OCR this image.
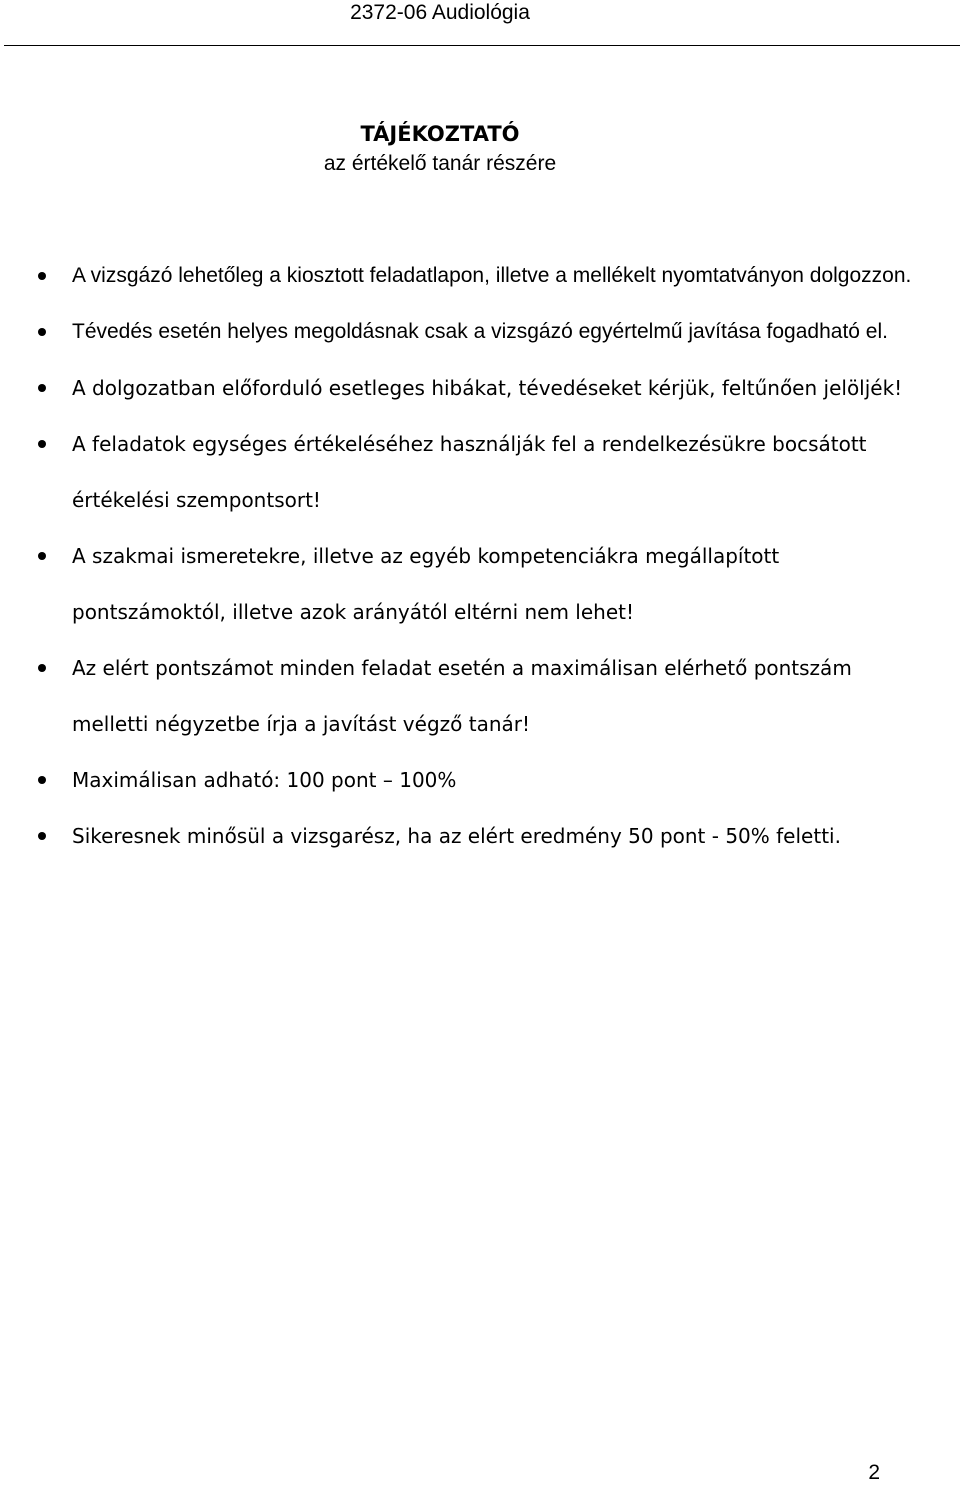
2372-06 Audiológia
TÁJÉKOZTATÓ
az értékelő tanár részére
A vizsgázó lehetőleg a kiosztott feladatlapon, illetve a mellékelt nyomtatványon dolgozzon.
Tévedés esetén helyes megoldásnak csak a vizsgázó egyértelmű javítása fogadható el.
A dolgozatban előforduló esetleges hibákat, tévedéseket kérjük, feltűnően jelöljék!
A feladatok egységes értékeléséhez használják fel a rendelkezésükre bocsátott értékelési szempontsort!
A szakmai ismeretekre, illetve az egyéb kompetenciákra megállapított pontszámoktól, illetve azok arányától eltérni nem lehet!
Az elért pontszámot minden feladat esetén a maximálisan elérhető pontszám melletti négyzetbe írja a javítást végző tanár!
Maximálisan adható: 100 pont – 100%
Sikeresnek minősül a vizsgarész, ha az elért eredmény 50 pont - 50% feletti.
2
